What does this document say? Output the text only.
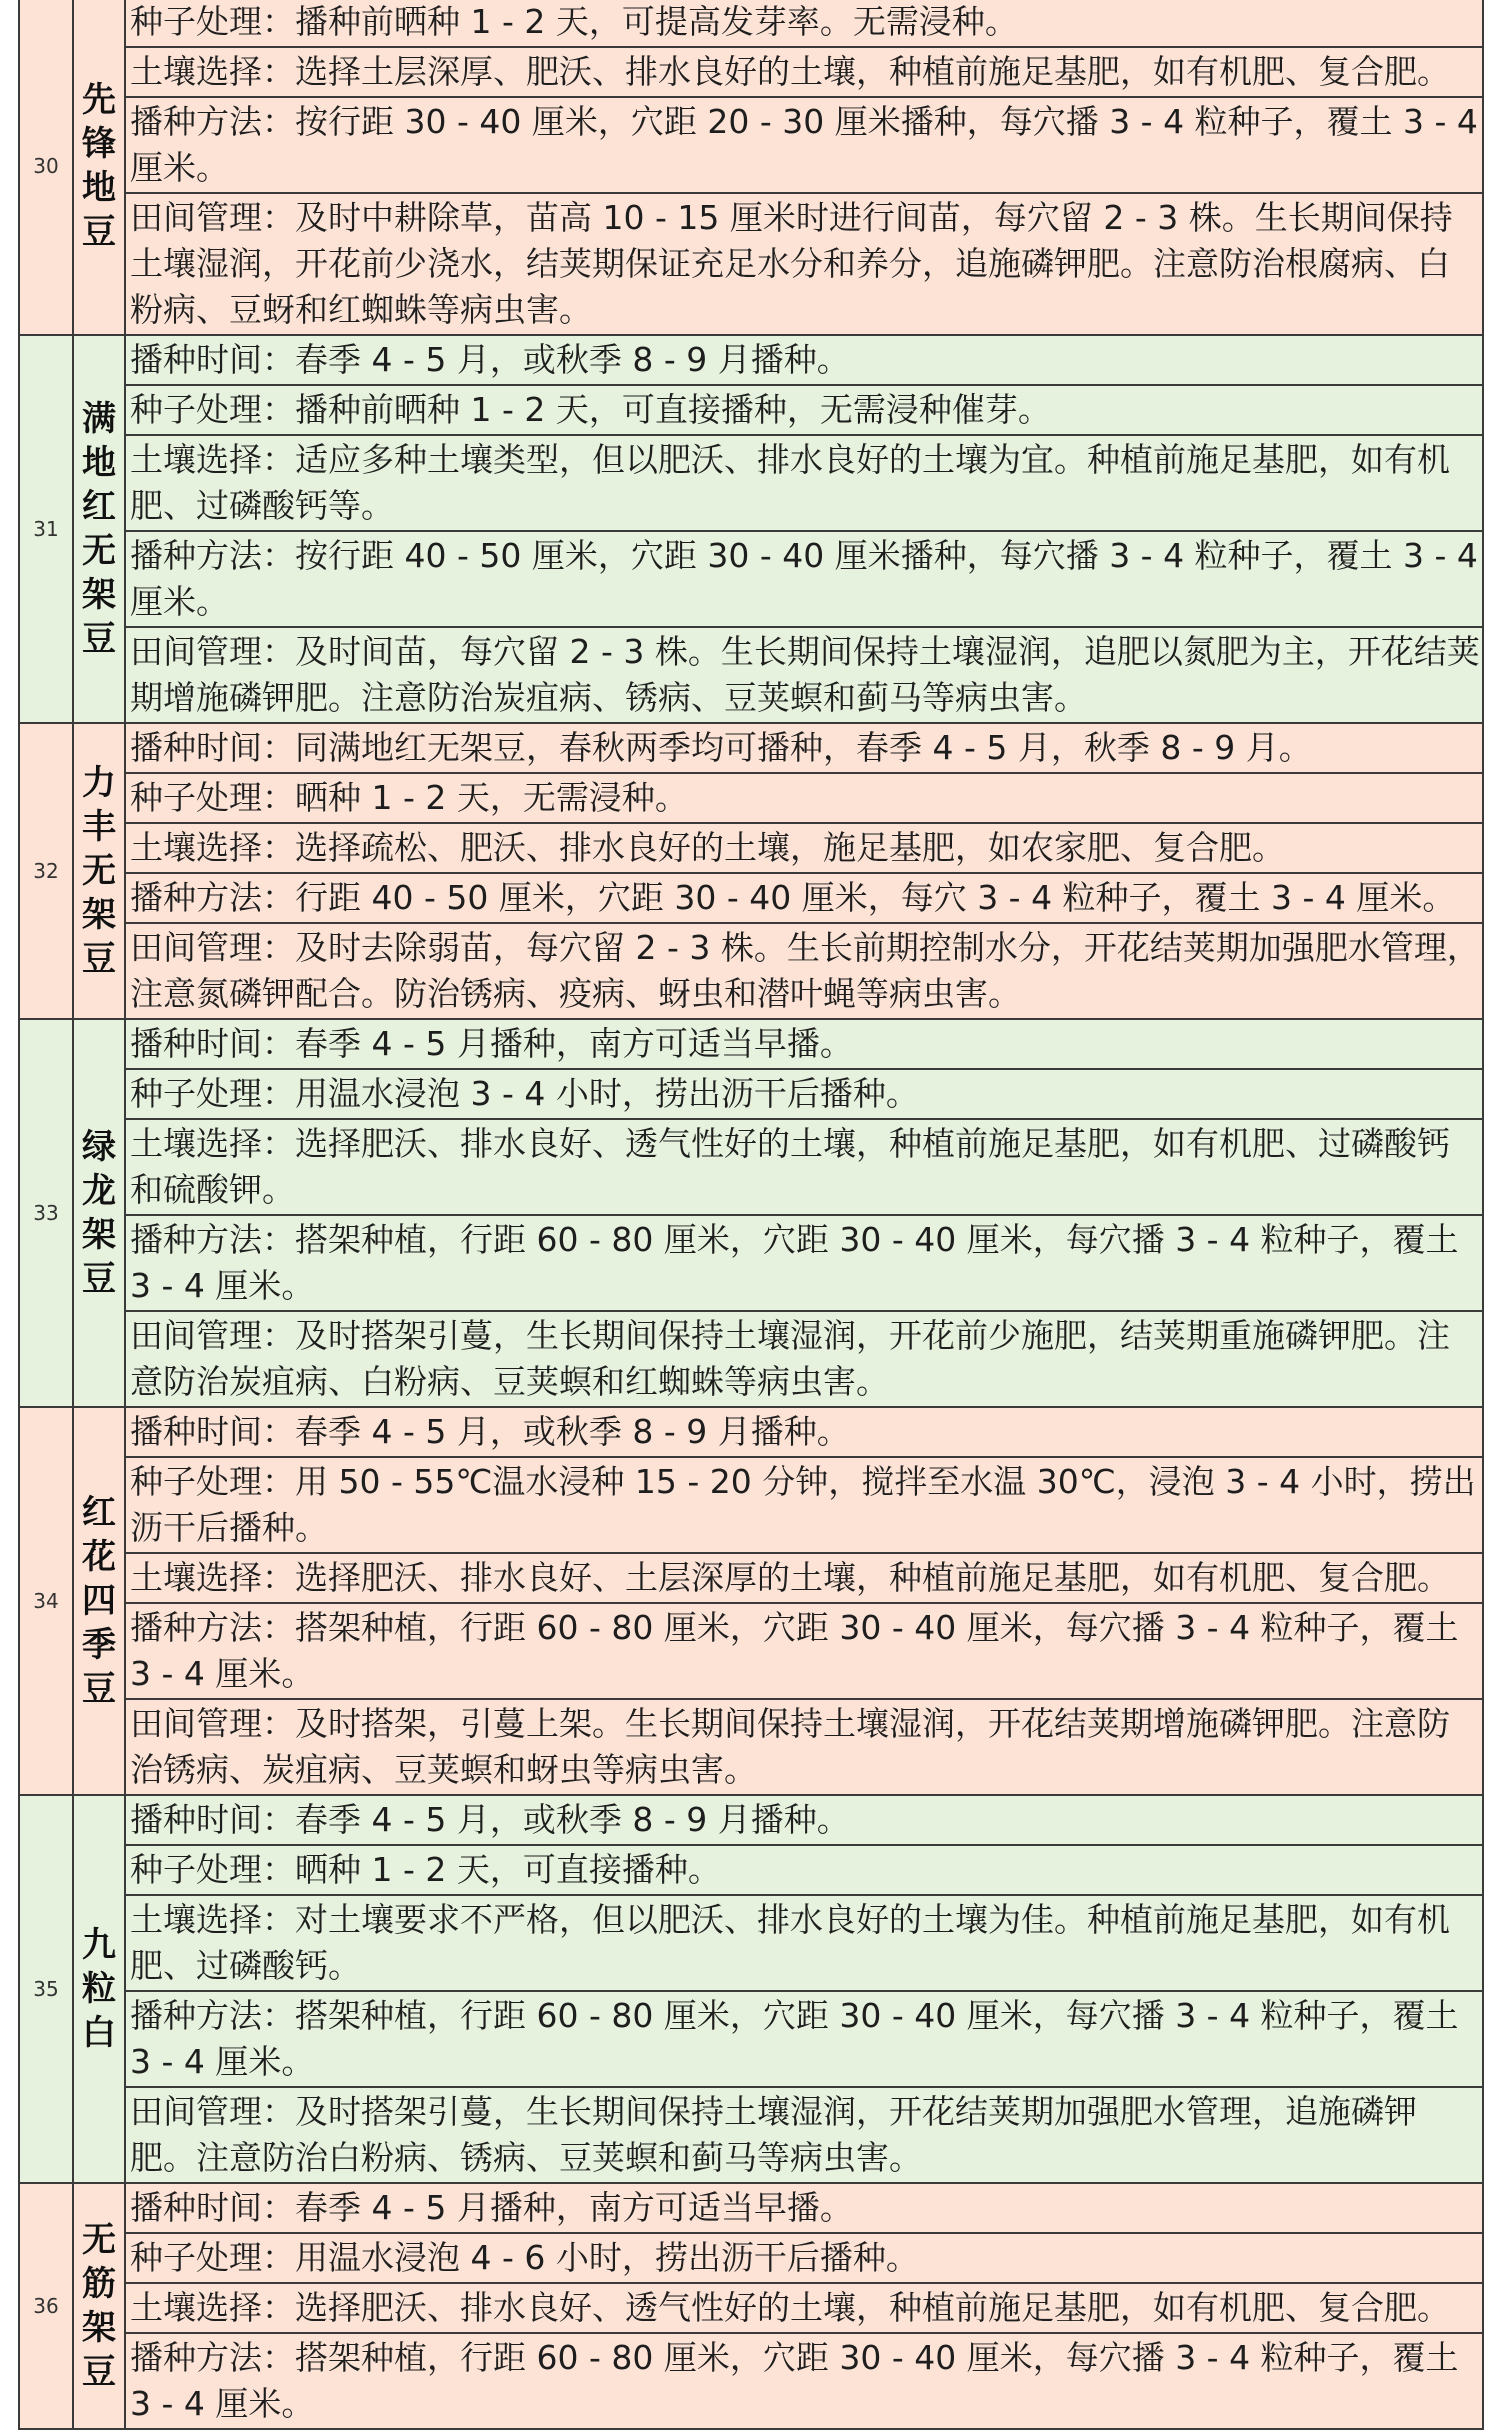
30	先锋地豆	种子处理：播种前晒种 1 - 2 天，可提高发芽率。无需浸种。
		土壤选择：选择土层深厚、肥沃、排水良好的土壤，种植前施足基肥，如有机肥、复合肥。
		播种方法：按行距 30 - 40 厘米，穴距 20 - 30 厘米播种，每穴播 3 - 4 粒种子，覆土 3 - 4 厘米。
		田间管理：及时中耕除草，苗高 10 - 15 厘米时进行间苗，每穴留 2 - 3 株。生长期间保持土壤湿润，开花前少浇水，结荚期保证充足水分和养分，追施磷钾肥。注意防治根腐病、白粉病、豆蚜和红蜘蛛等病虫害。
31	满地红无架豆	播种时间：春季 4 - 5 月，或秋季 8 - 9 月播种。
		种子处理：播种前晒种 1 - 2 天，可直接播种，无需浸种催芽。
		土壤选择：适应多种土壤类型，但以肥沃、排水良好的土壤为宜。种植前施足基肥，如有机肥、过磷酸钙等。
		播种方法：按行距 40 - 50 厘米，穴距 30 - 40 厘米播种，每穴播 3 - 4 粒种子，覆土 3 - 4 厘米。
		田间管理：及时间苗，每穴留 2 - 3 株。生长期间保持土壤湿润，追肥以氮肥为主，开花结荚期增施磷钾肥。注意防治炭疽病、锈病、豆荚螟和蓟马等病虫害。
32	力丰无架豆	播种时间：同满地红无架豆，春秋两季均可播种，春季 4 - 5 月，秋季 8 - 9 月。
		种子处理：晒种 1 - 2 天，无需浸种。
		土壤选择：选择疏松、肥沃、排水良好的土壤，施足基肥，如农家肥、复合肥。
		播种方法：行距 40 - 50 厘米，穴距 30 - 40 厘米，每穴 3 - 4 粒种子，覆土 3 - 4 厘米。
		田间管理：及时去除弱苗，每穴留 2 - 3 株。生长前期控制水分，开花结荚期加强肥水管理，注意氮磷钾配合。防治锈病、疫病、蚜虫和潜叶蝇等病虫害。
33	绿龙架豆	播种时间：春季 4 - 5 月播种，南方可适当早播。
		种子处理：用温水浸泡 3 - 4 小时，捞出沥干后播种。
		土壤选择：选择肥沃、排水良好、透气性好的土壤，种植前施足基肥，如有机肥、过磷酸钙和硫酸钾。
		播种方法：搭架种植，行距 60 - 80 厘米，穴距 30 - 40 厘米，每穴播 3 - 4 粒种子，覆土 3 - 4 厘米。
		田间管理：及时搭架引蔓，生长期间保持土壤湿润，开花前少施肥，结荚期重施磷钾肥。注意防治炭疽病、白粉病、豆荚螟和红蜘蛛等病虫害。
34	红花四季豆	播种时间：春季 4 - 5 月，或秋季 8 - 9 月播种。
		种子处理：用 50 - 55℃温水浸种 15 - 20 分钟，搅拌至水温 30℃，浸泡 3 - 4 小时，捞出沥干后播种。
		土壤选择：选择肥沃、排水良好、土层深厚的土壤，种植前施足基肥，如有机肥、复合肥。
		播种方法：搭架种植，行距 60 - 80 厘米，穴距 30 - 40 厘米，每穴播 3 - 4 粒种子，覆土 3 - 4 厘米。
		田间管理：及时搭架，引蔓上架。生长期间保持土壤湿润，开花结荚期增施磷钾肥。注意防治锈病、炭疽病、豆荚螟和蚜虫等病虫害。
35	九粒白	播种时间：春季 4 - 5 月，或秋季 8 - 9 月播种。
		种子处理：晒种 1 - 2 天，可直接播种。
		土壤选择：对土壤要求不严格，但以肥沃、排水良好的土壤为佳。种植前施足基肥，如有机肥、过磷酸钙。
		播种方法：搭架种植，行距 60 - 80 厘米，穴距 30 - 40 厘米，每穴播 3 - 4 粒种子，覆土 3 - 4 厘米。
		田间管理：及时搭架引蔓，生长期间保持土壤湿润，开花结荚期加强肥水管理，追施磷钾肥。注意防治白粉病、锈病、豆荚螟和蓟马等病虫害。
36	无筋架豆	播种时间：春季 4 - 5 月播种，南方可适当早播。
		种子处理：用温水浸泡 4 - 6 小时，捞出沥干后播种。
		土壤选择：选择肥沃、排水良好、透气性好的土壤，种植前施足基肥，如有机肥、复合肥。
		播种方法：搭架种植，行距 60 - 80 厘米，穴距 30 - 40 厘米，每穴播 3 - 4 粒种子，覆土 3 - 4 厘米。
